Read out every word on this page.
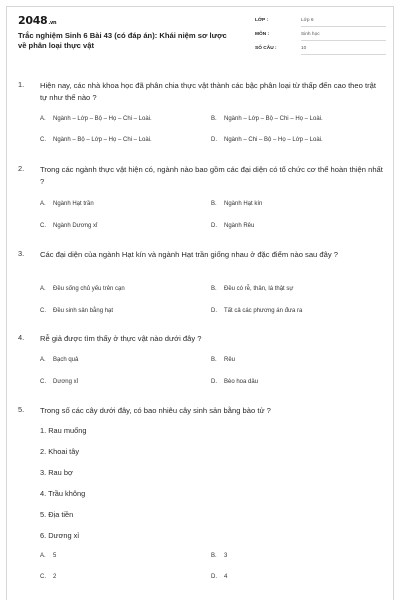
2048.vn
Trắc nghiệm Sinh 6 Bài 43 (có đáp án): Khái niệm sơ lược về phân loại thực vật
LỚP :	Lớp 6
MÔN :	Sinh học
SỐ CÂU :	10
1. Hiện nay, các nhà khoa học đã phân chia thực vật thành các bậc phân loại từ thấp đến cao theo trật tự như thế nào ?
A. Ngành – Lớp – Bộ – Họ – Chi – Loài.	B. Ngành – Lớp – Bộ – Chi – Họ – Loài.
C. Ngành – Bộ – Lớp – Họ – Chi – Loài.	D. Ngành – Chi – Bộ – Họ – Lớp – Loài.
2. Trong các ngành thực vật hiện có, ngành nào bao gồm các đại diện có tổ chức cơ thể hoàn thiện nhất ?
A. Ngành Hạt trần	B. Ngành Hạt kín
C. Ngành Dương xỉ	D. Ngành Rêu
3. Các đại diện của ngành Hạt kín và ngành Hạt trần giống nhau ở đặc điểm nào sau đây ?
A. Đều sống chủ yếu trên cạn	B. Đều có rễ, thân, lá thật sự
C. Đều sinh sản bằng hạt	D. Tất cả các phương án đưa ra
4. Rễ giả được tìm thấy ở thực vật nào dưới đây ?
A. Bạch quả	B. Rêu
C. Dương xỉ	D. Bèo hoa dâu
5. Trong số các cây dưới đây, có bao nhiêu cây sinh sản bằng bào tử ?
1. Rau muống
2. Khoai tây
3. Rau bợ
4. Trầu không
5. Địa tiền
6. Dương xỉ
A. 5	B. 3
C. 2	D. 4
